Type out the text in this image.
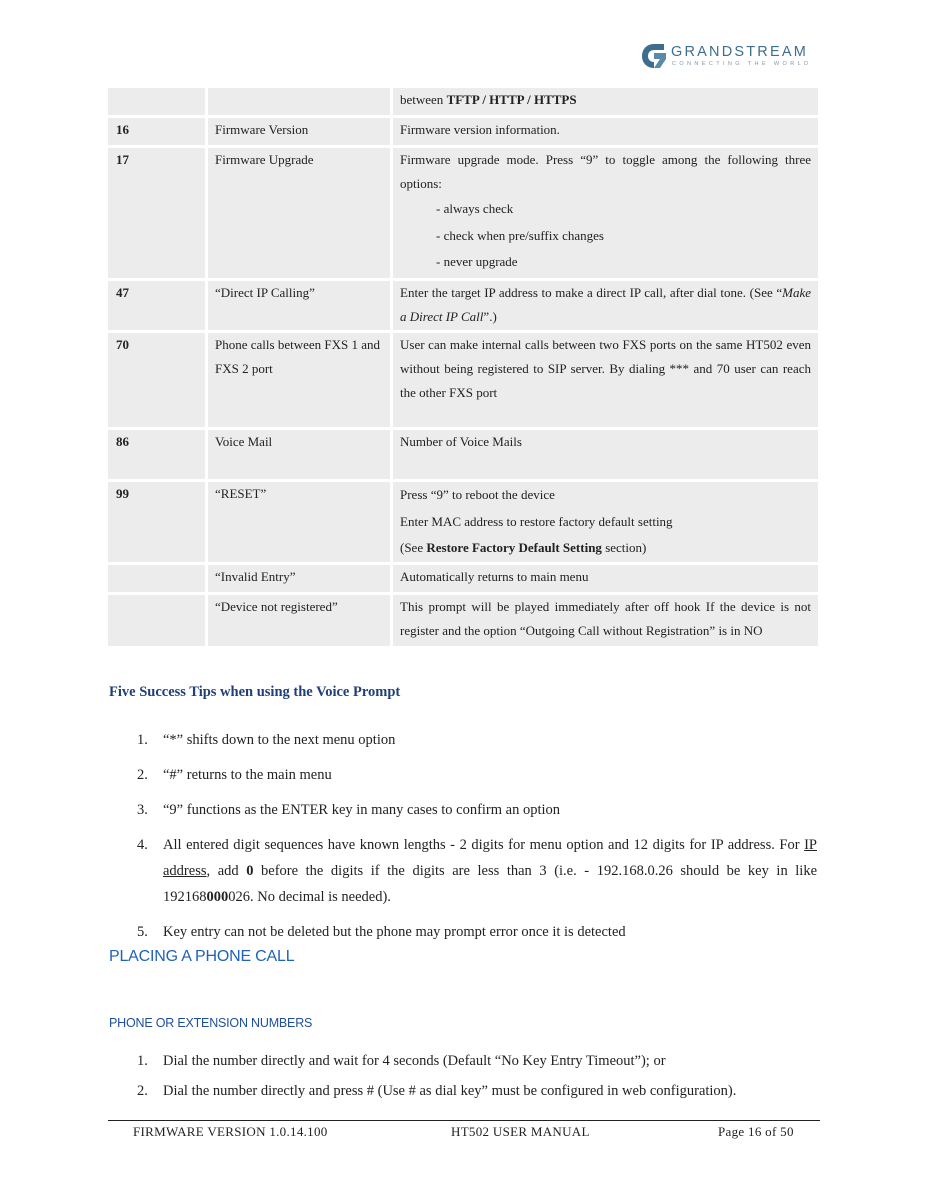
GRANDSTREAM
CONNECTING THE WORLD
		between TFTP / HTTP / HTTPS
16	Firmware Version	Firmware version information.
17	Firmware Upgrade	Firmware upgrade mode. Press “9” to toggle among the following three options:
- always check
- check when pre/suffix changes
- never upgrade

47	“Direct IP Calling”	Enter the target IP address to make a direct IP call, after dial tone. (See “Make a Direct IP Call”.)
70	Phone calls between FXS 1 and FXS 2 port	User can make internal calls between two FXS ports on the same HT502 even without being registered to SIP server. By dialing *** and 70 user can reach the other FXS port
86	Voice Mail	Number of Voice Mails
99	“RESET”	Press “9” to reboot the device
Enter MAC address to restore factory default setting
(See Restore Factory Default Setting section)

	“Invalid Entry”	Automatically returns to main menu
	“Device not registered”	This prompt will be played immediately after off hook If the device is not register and the option “Outgoing Call without Registration” is in NO
Five Success Tips when using the Voice Prompt
1. “*” shifts down to the next menu option
2. “#” returns to the main menu
3. “9” functions as the ENTER key in many cases to confirm an option
4. All entered digit sequences have known lengths - 2 digits for menu option and 12 digits for IP address. For IP address, add 0 before the digits if the digits are less than 3 (i.e. - 192.168.0.26 should be key in like 192168000026. No decimal is needed).
5. Key entry can not be deleted but the phone may prompt error once it is detected
PLACING A PHONE CALL
PHONE OR EXTENSION NUMBERS
1. Dial the number directly and wait for 4 seconds (Default “No Key Entry Timeout”); or
2. Dial the number directly and press # (Use # as dial key” must be configured in web configuration).
FIRMWARE VERSION 1.0.14.100	HT502 USER MANUAL	Page 16 of 50
